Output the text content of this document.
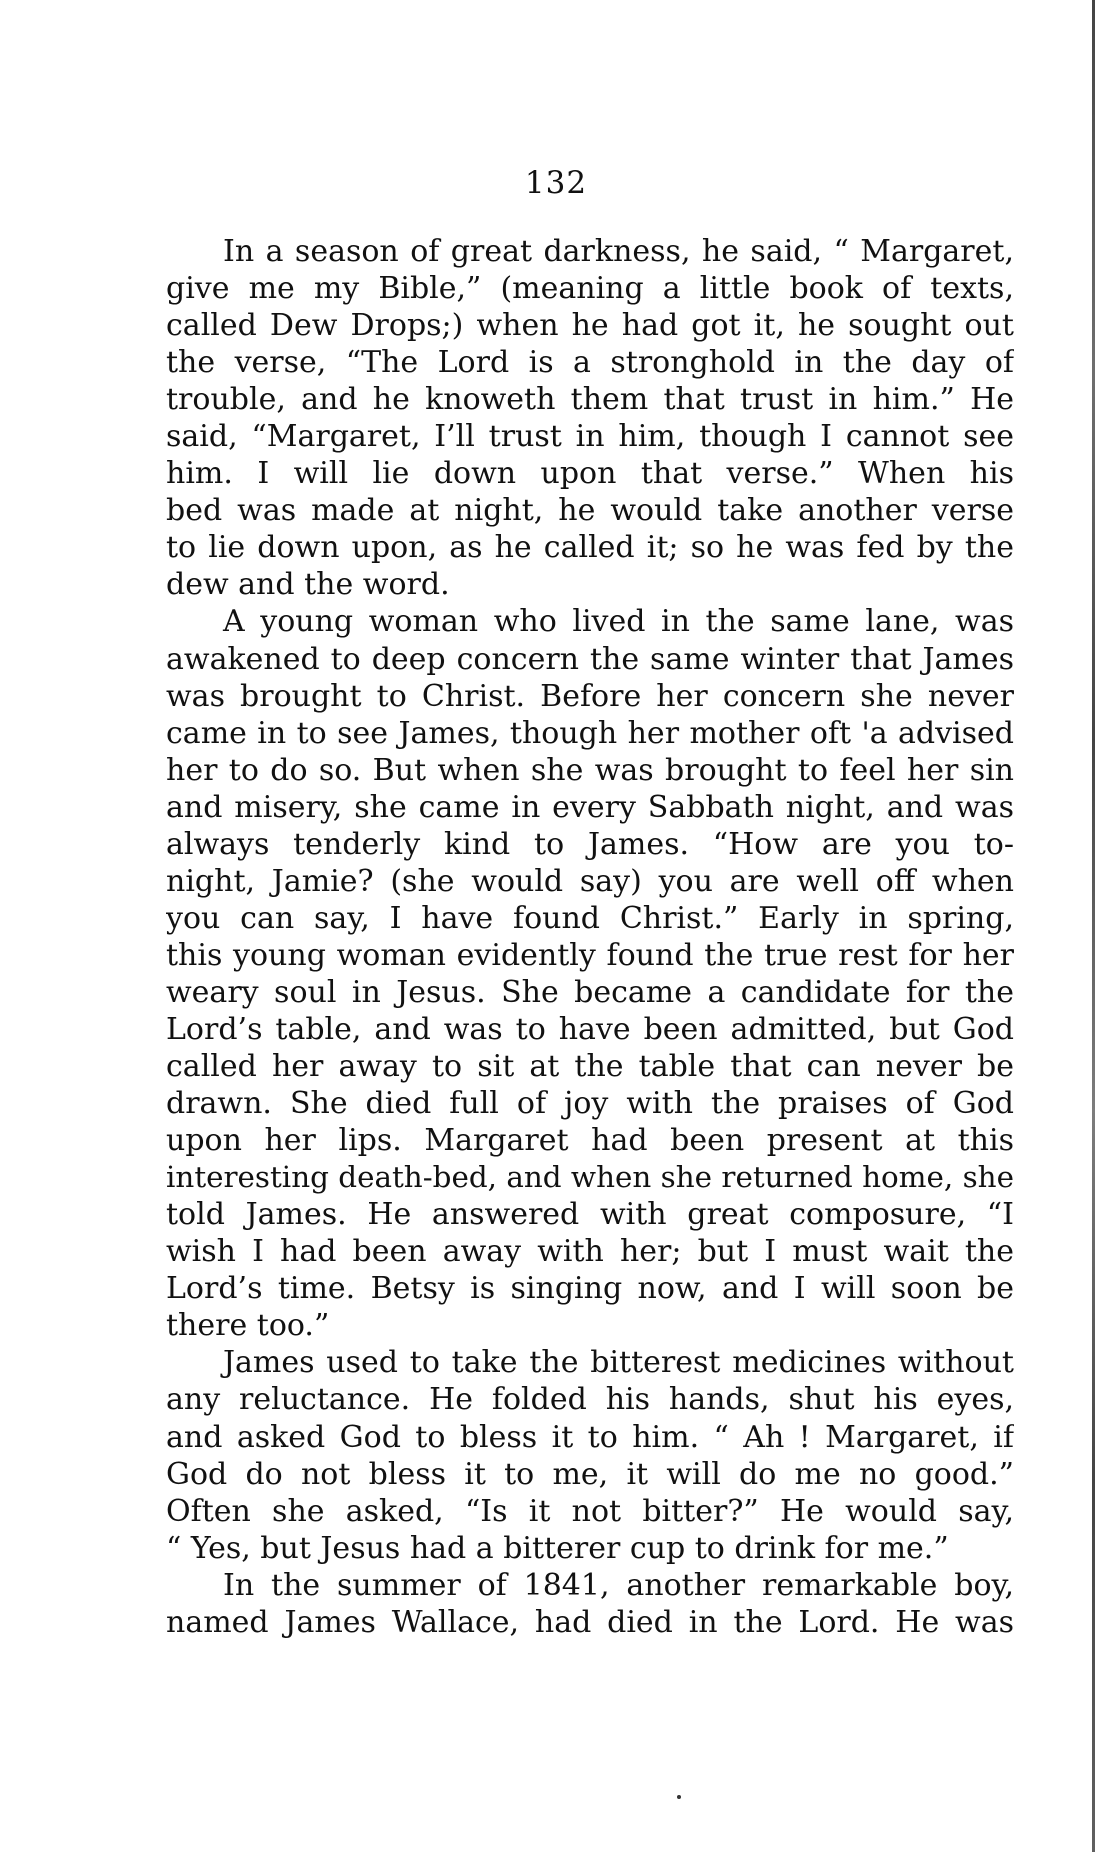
132
In a season of great darkness, he said, “ Margaret,
give me my Bible,” (meaning a little book of texts,
called Dew Drops;) when he had got it, he sought out
the verse, “The Lord is a stronghold in the day of
trouble, and he knoweth them that trust in him.” He
said, “Margaret, I’ll trust in him, though I cannot see
him. I will lie down upon that verse.” When his
bed was made at night, he would take another verse
to lie down upon, as he called it; so he was fed by the
dew and the word.
A young woman who lived in the same lane, was
awakened to deep concern the same winter that James
was brought to Christ. Before her concern she never
came in to see James, though her mother oft 'a advised
her to do so. But when she was brought to feel her sin
and misery, she came in every Sabbath night, and was
always tenderly kind to James. “How are you to-
night, Jamie? (she would say) you are well off when
you can say, I have found Christ.” Early in spring,
this young woman evidently found the true rest for her
weary soul in Jesus. She became a candidate for the
Lord’s table, and was to have been admitted, but God
called her away to sit at the table that can never be
drawn. She died full of joy with the praises of God
upon her lips. Margaret had been present at this
interesting death-bed, and when she returned home, she
told James. He answered with great composure, “I
wish I had been away with her; but I must wait the
Lord’s time. Betsy is singing now, and I will soon be
there too.”
James used to take the bitterest medicines without
any reluctance. He folded his hands, shut his eyes,
and asked God to bless it to him. “ Ah ! Margaret, if
God do not bless it to me, it will do me no good.”
Often she asked, “Is it not bitter?” He would say,
“ Yes, but Jesus had a bitterer cup to drink for me.”
In the summer of 1841, another remarkable boy,
named James Wallace, had died in the Lord. He was
